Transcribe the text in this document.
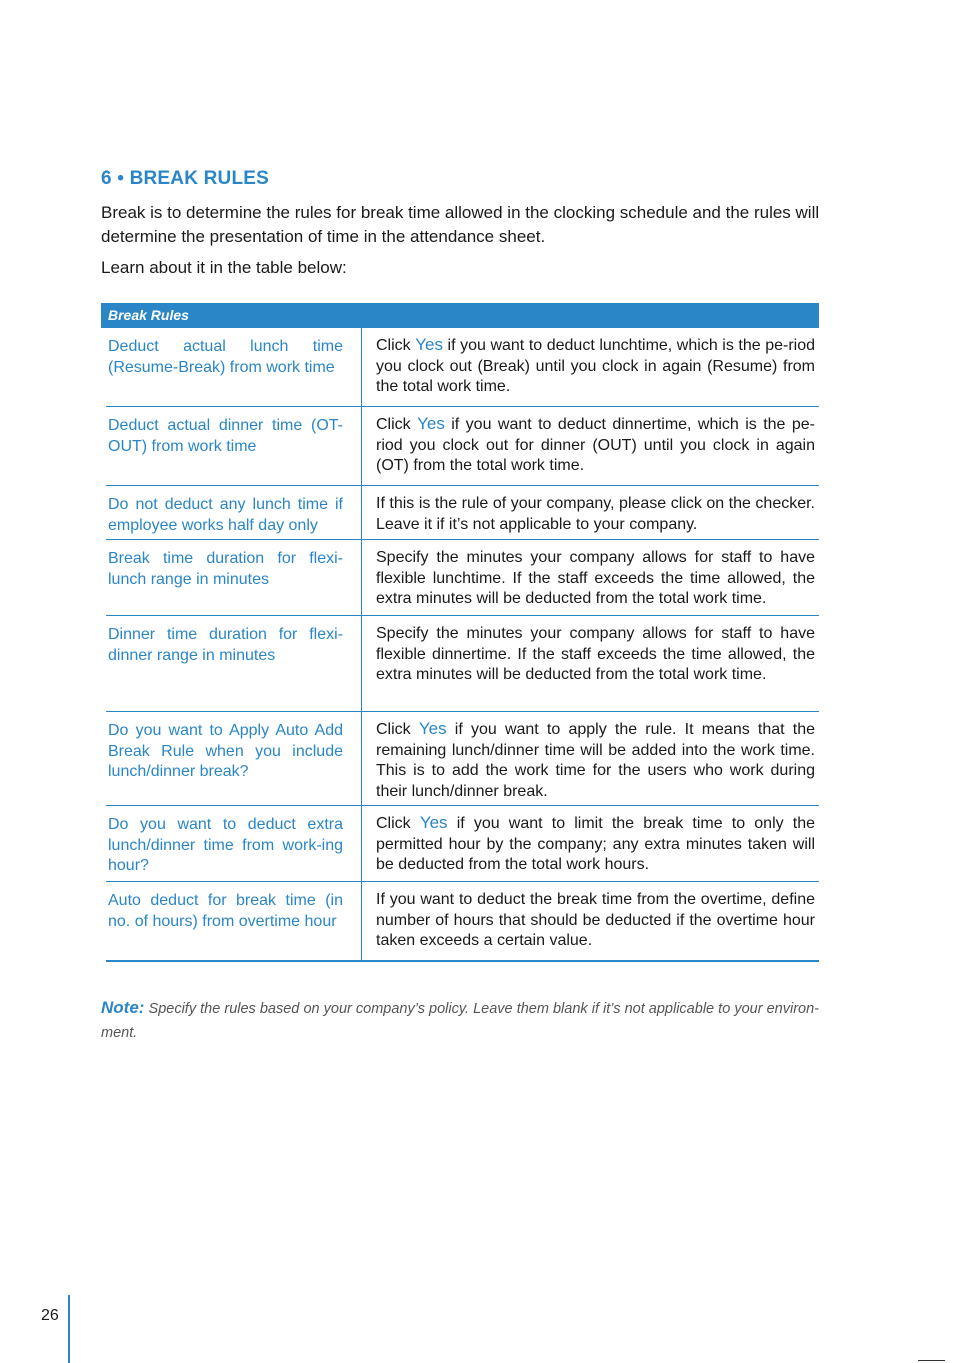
6 • BREAK RULES

Break is to determine the rules for break time allowed in the clocking schedule and the rules will determine the presentation of time in the attendance sheet.

Learn about it in the table below:

Break Rules
Deduct actual lunch time (Resume-Break) from work time
Click Yes if you want to deduct lunchtime, which is the pe-riod you clock out (Break) until you clock in again (Resume) from the total work time.
Deduct actual dinner time (OT-OUT) from work time
Click Yes if you want to deduct dinnertime, which is the pe-riod you clock out for dinner (OUT) until you clock in again (OT) from the total work time.
Do not deduct any lunch time if employee works half day only
If this is the rule of your company, please click on the checker. Leave it if it’s not applicable to your company.
Break time duration for flexi-lunch range in minutes
Specify the minutes your company allows for staff to have flexible lunchtime. If the staff exceeds the time allowed, the extra minutes will be deducted from the total work time.
Dinner time duration for flexi-dinner range in minutes
Specify the minutes your company allows for staff to have flexible dinnertime. If the staff exceeds the time allowed, the extra minutes will be deducted from the total work time.
Do you want to Apply Auto Add Break Rule when you include lunch/dinner break?
Click Yes if you want to apply the rule. It means that the remaining lunch/dinner time will be added into the work time. This is to add the work time for the users who work during their lunch/dinner break.
Do you want to deduct extra lunch/dinner time from work-ing hour?
Click Yes if you want to limit the break time to only the permitted hour by the company; any extra minutes taken will be deducted from the total work hours.
Auto deduct for break time (in no. of hours) from overtime hour
If you want to deduct the break time from the overtime, define number of hours that should be deducted if the overtime hour taken exceeds a certain value.
Note: Specify the rules based on your company’s policy. Leave them blank if it’s not applicable to your environ-ment.
26
